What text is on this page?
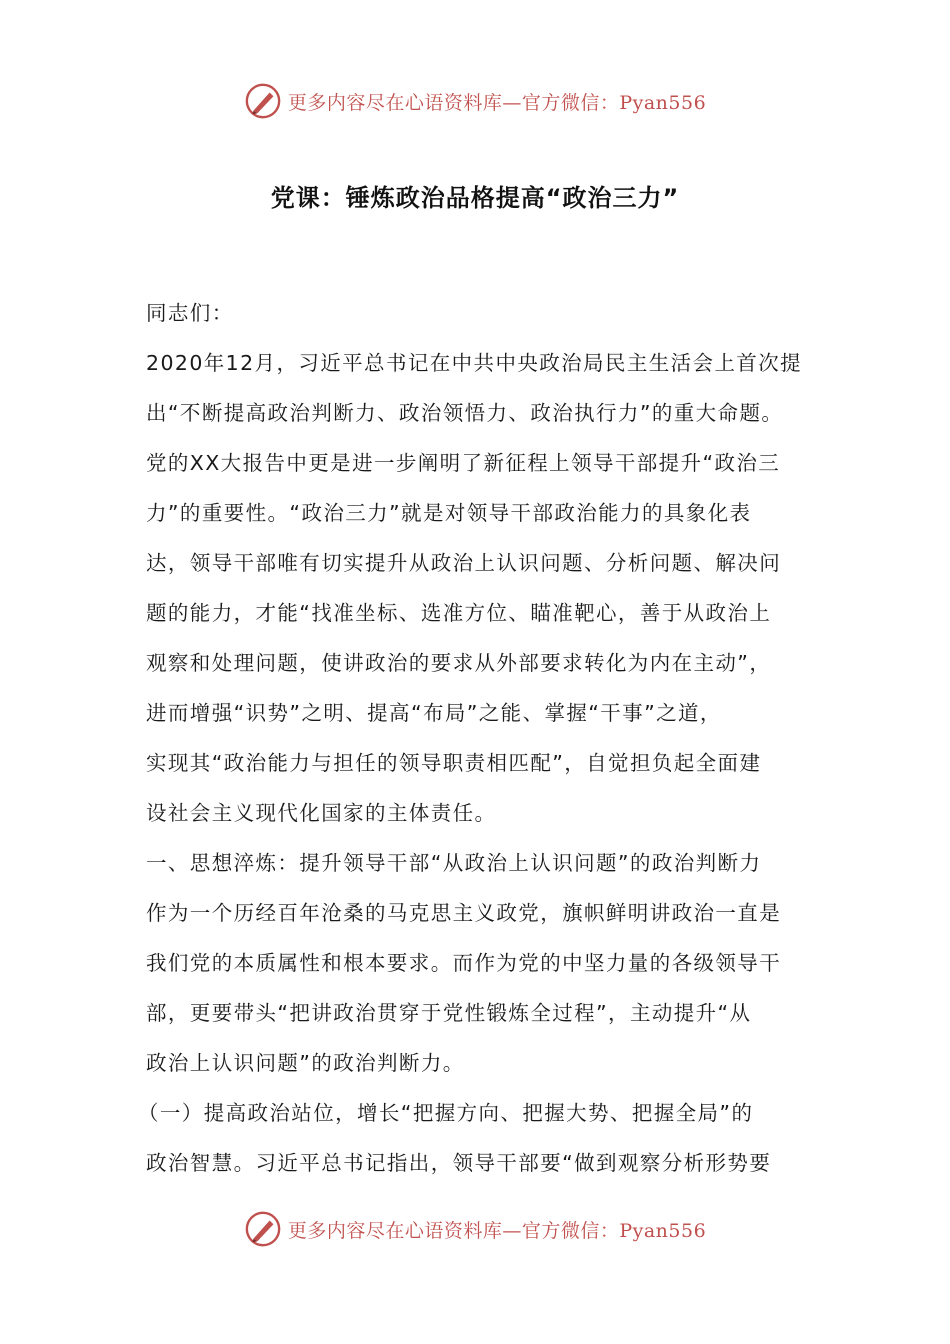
更多内容尽在心语资料库—官方微信：Pyan556
党课：锤炼政治品格提高“政治三力”
同志们：
2020年12月，习近平总书记在中共中央政治局民主生活会上首次提
出“不断提高政治判断力、政治领悟力、政治执行力”的重大命题。
党的XX大报告中更是进一步阐明了新征程上领导干部提升“政治三
力”的重要性。“政治三力”就是对领导干部政治能力的具象化表
达，领导干部唯有切实提升从政治上认识问题、分析问题、解决问
题的能力，才能“找准坐标、选准方位、瞄准靶心，善于从政治上
观察和处理问题，使讲政治的要求从外部要求转化为内在主动”，
进而增强“识势”之明、提高“布局”之能、掌握“干事”之道，
实现其“政治能力与担任的领导职责相匹配”，自觉担负起全面建
设社会主义现代化国家的主体责任。
一、思想淬炼：提升领导干部“从政治上认识问题”的政治判断力
作为一个历经百年沧桑的马克思主义政党，旗帜鲜明讲政治一直是
我们党的本质属性和根本要求。而作为党的中坚力量的各级领导干
部，更要带头“把讲政治贯穿于党性锻炼全过程”，主动提升“从
政治上认识问题”的政治判断力。
（一）提高政治站位，增长“把握方向、把握大势、把握全局”的
政治智慧。习近平总书记指出，领导干部要“做到观察分析形势要
更多内容尽在心语资料库—官方微信：Pyan556
